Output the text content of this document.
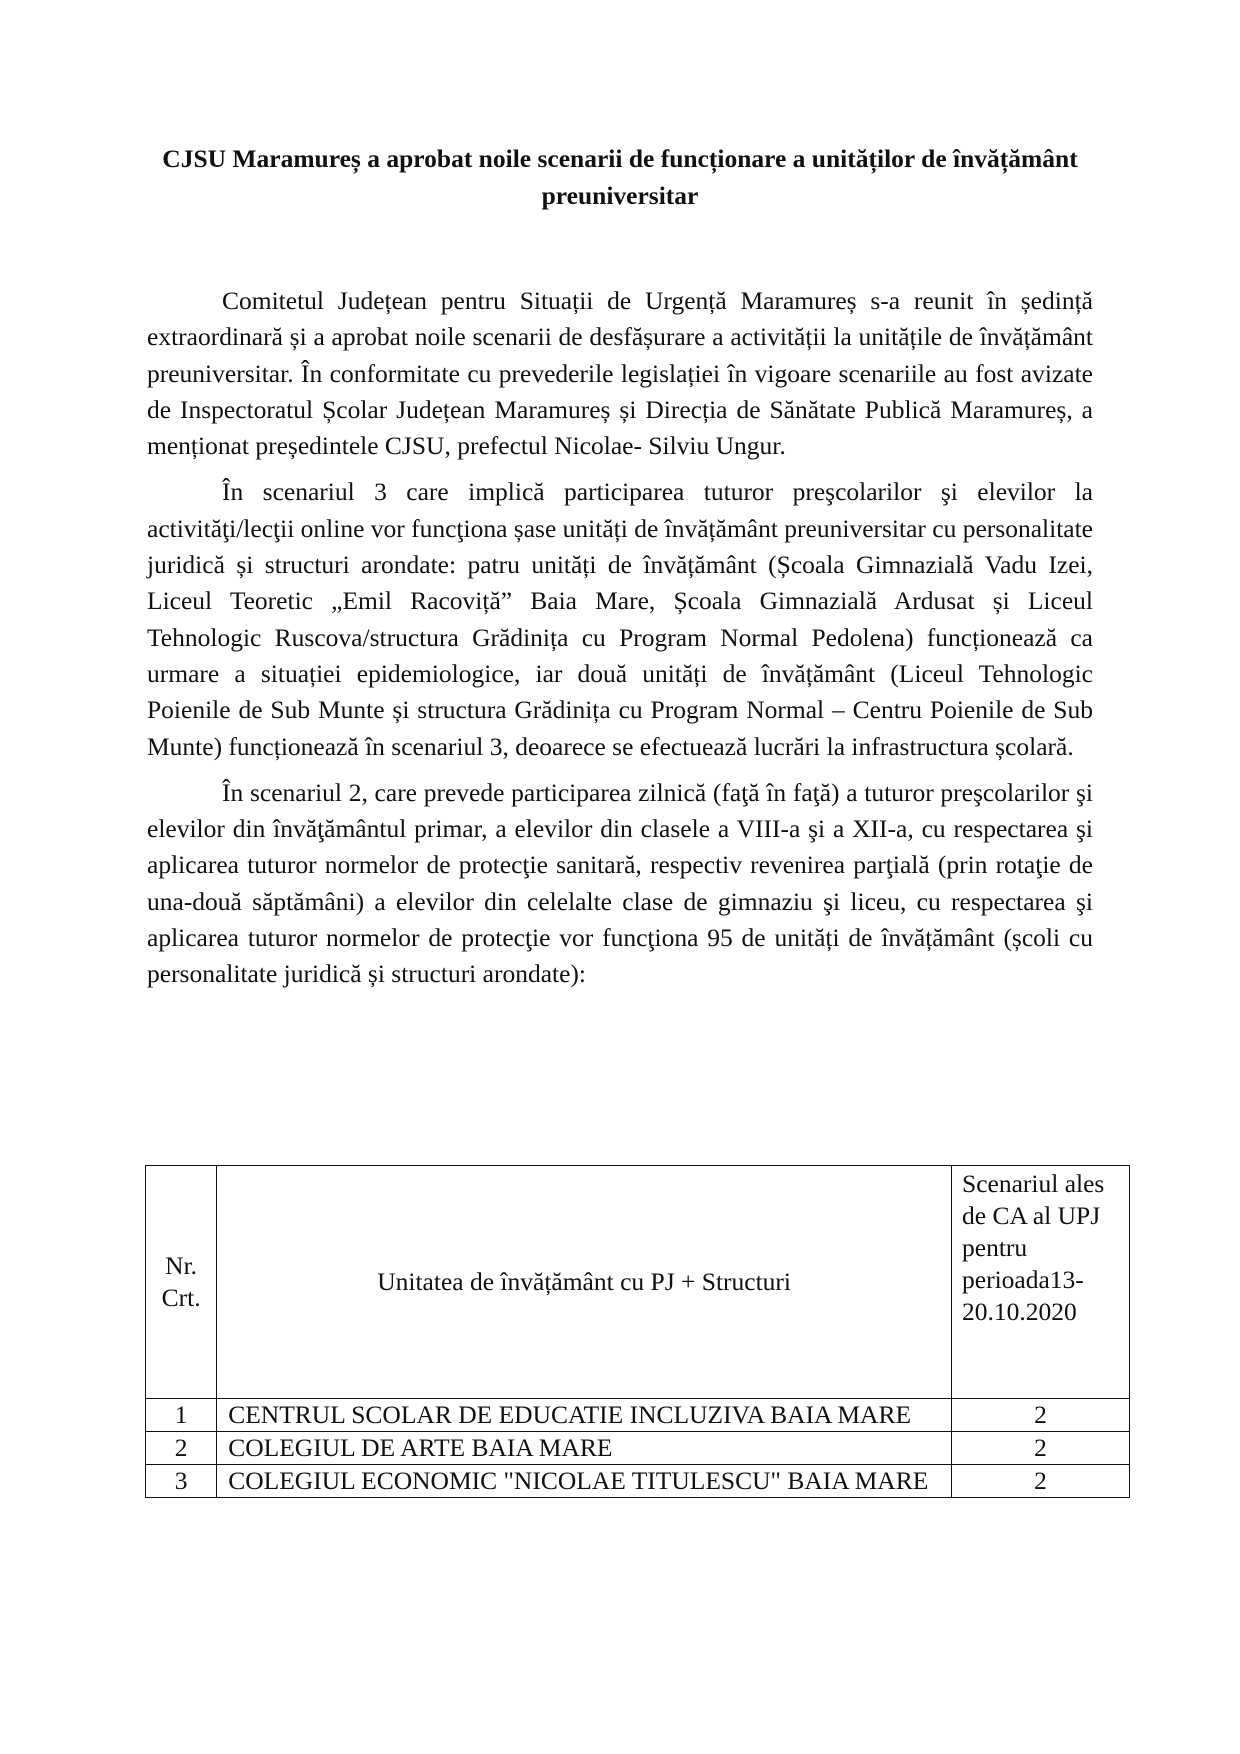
CJSU Maramureș a aprobat noile scenarii de funcționare a unităților de învățământ preuniversitar

Comitetul Județean pentru Situații de Urgență Maramureș s-a reunit în ședință extraordinară și a aprobat noile scenarii de desfășurare a activității la unitățile de învățământ preuniversitar. În conformitate cu prevederile legislației în vigoare scenariile au fost avizate de Inspectoratul Școlar Județean Maramureș și Direcția de Sănătate Publică Maramureș, a menționat președintele CJSU, prefectul Nicolae- Silviu Ungur.

În scenariul 3 care implică participarea tuturor preşcolarilor şi elevilor la activităţi/lecţii online vor funcţiona șase unități de învățământ preuniversitar cu personalitate juridică și structuri arondate: patru unități de învățământ (Școala Gimnazială Vadu Izei, Liceul Teoretic „Emil Racoviță” Baia Mare, Școala Gimnazială Ardusat și Liceul Tehnologic Ruscova/structura Grădinița cu Program Normal Pedolena) funcționează ca urmare a situației epidemiologice, iar două unități de învățământ (Liceul Tehnologic Poienile de Sub Munte și structura Grădinița cu Program Normal – Centru Poienile de Sub Munte) funcționează în scenariul 3, deoarece se efectuează lucrări la infrastructura școlară.

În scenariul 2, care prevede participarea zilnică (faţă în faţă) a tuturor preşcolarilor şi elevilor din învăţământul primar, a elevilor din clasele a VIII-a şi a XII-a, cu respectarea şi aplicarea tuturor normelor de protecţie sanitară, respectiv revenirea parţială (prin rotaţie de una-două săptămâni) a elevilor din celelalte clase de gimnaziu şi liceu, cu respectarea şi aplicarea tuturor normelor de protecţie vor funcţiona 95 de unități de învățământ (școli cu personalitate juridică și structuri arondate):

Nr. Crt.	Unitatea de învățământ cu PJ + Structuri	Scenariul ales de CA al UPJ pentru perioada13-20.10.2020
1	CENTRUL SCOLAR DE EDUCATIE INCLUZIVA BAIA MARE	2
2	COLEGIUL DE ARTE BAIA MARE	2
3	COLEGIUL ECONOMIC "NICOLAE TITULESCU" BAIA MARE	2
